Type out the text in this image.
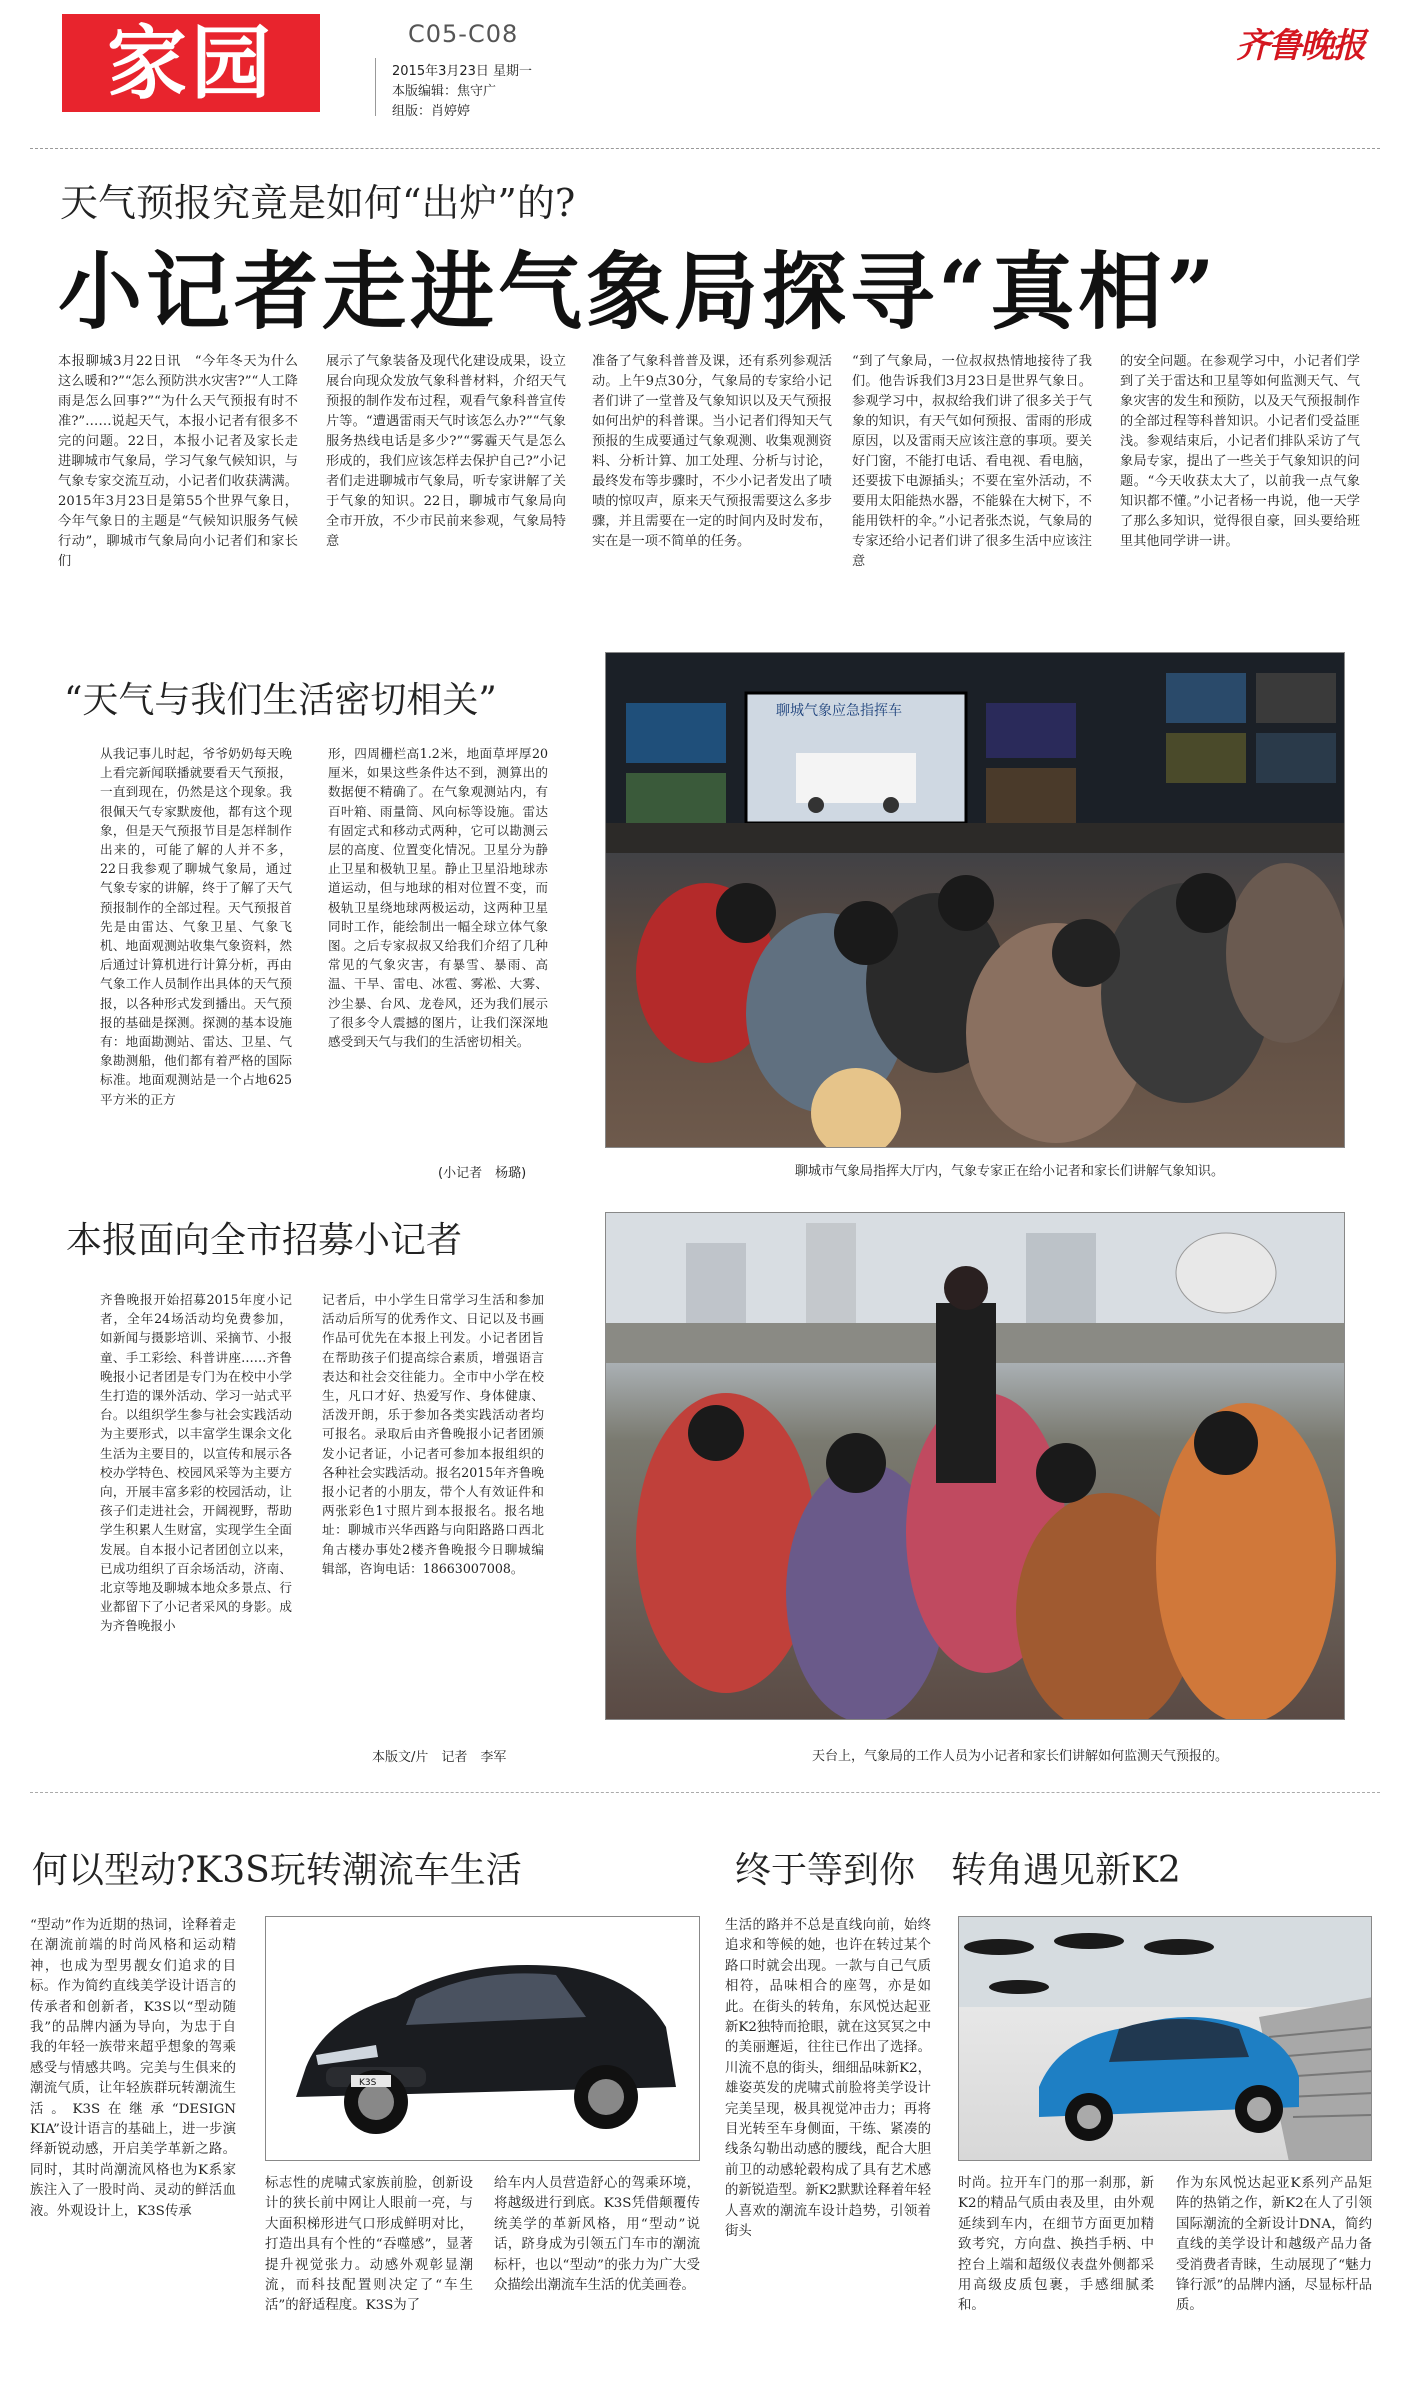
家园	C05-C08
2015年3月23日 星期一
本版编辑：焦守广
组版：肖婷婷
齐鲁晚报
天气预报究竟是如何“出炉”的?
小记者走进气象局探寻“真相”
本报聊城3月22日讯　“今年冬天为什么这么暖和?”“怎么预防洪水灾害?”“人工降雨是怎么回事?”“为什么天气预报有时不准?”……说起天气，本报小记者有很多不完的问题。22日，本报小记者及家长走进聊城市气象局，学习气象气候知识，与气象专家交流互动，小记者们收获满满。2015年3月23日是第55个世界气象日，今年气象日的主题是“气候知识服务气候行动”，聊城市气象局向小记者们和家长们
展示了气象装备及现代化建设成果，设立展台向现众发放气象科普材料，介绍天气预报的制作发布过程，观看气象科普宣传片等。“遭遇雷雨天气时该怎么办?”“气象服务热线电话是多少?”“雾霾天气是怎么形成的，我们应该怎样去保护自己?”小记者们走进聊城市气象局，听专家讲解了关于气象的知识。22日，聊城市气象局向全市开放，不少市民前来参观，气象局特意
准备了气象科普普及课，还有系列参观活动。上午9点30分，气象局的专家给小记者们讲了一堂普及气象知识以及天气预报如何出炉的科普课。当小记者们得知天气预报的生成要通过气象观测、收集观测资料、分析计算、加工处理、分析与讨论，最终发布等步骤时，不少小记者发出了啧啧的惊叹声，原来天气预报需要这么多步骤，并且需要在一定的时间内及时发布，实在是一项不简单的任务。
“到了气象局，一位叔叔热情地接待了我们。他告诉我们3月23日是世界气象日。参观学习中，叔叔给我们讲了很多关于气象的知识，有天气如何预报、雷雨的形成原因，以及雷雨天应该注意的事项。要关好门窗，不能打电话、看电视、看电脑，还要拔下电源插头；不要在室外活动，不要用太阳能热水器，不能躲在大树下，不能用铁杆的伞。”小记者张杰说，气象局的专家还给小记者们讲了很多生活中应该注意
的安全问题。在参观学习中，小记者们学到了关于雷达和卫星等如何监测天气、气象灾害的发生和预防，以及天气预报制作的全部过程等科普知识。小记者们受益匪浅。参观结束后，小记者们排队采访了气象局专家，提出了一些关于气象知识的问题。“今天收获太大了，以前我一点气象知识都不懂。”小记者杨一冉说，他一天学了那么多知识，觉得很自豪，回头要给班里其他同学讲一讲。
“天气与我们生活密切相关”
从我记事儿时起，爷爷奶奶每天晚上看完新闻联播就要看天气预报，一直到现在，仍然是这个现象。我很佩天气专家默废他，都有这个现象，但是天气预报节目是怎样制作出来的，可能了解的人并不多，22日我参观了聊城气象局，通过气象专家的讲解，终于了解了天气预报制作的全部过程。天气预报首先是由雷达、气象卫星、气象飞机、地面观测站收集气象资料，然后通过计算机进行计算分析，再由气象工作人员制作出具体的天气预报，以各种形式发到播出。天气预报的基础是探测。探测的基本设施有：地面勘测站、雷达、卫星、气象勘测船，他们都有着严格的国际标准。地面观测站是一个占地625平方米的正方
形，四周栅栏高1.2米，地面草坪厚20厘米，如果这些条件达不到，测算出的数据便不精确了。在气象观测站内，有百叶箱、雨量筒、风向标等设施。雷达有固定式和移动式两种，它可以勘测云层的高度、位置变化情况。卫星分为静止卫星和极轨卫星。静止卫星沿地球赤道运动，但与地球的相对位置不变，而极轨卫星绕地球两极运动，这两种卫星同时工作，能绘制出一幅全球立体气象图。之后专家叔叔又给我们介绍了几种常见的气象灾害，有暴雪、暴雨、高温、干旱、雷电、冰雹、雾凇、大雾、沙尘暴、台风、龙卷风，还为我们展示了很多令人震撼的图片，让我们深深地感受到天气与我们的生活密切相关。
(小记者　杨璐)
聊城气象应急指挥车
聊城市气象局指挥大厅内，气象专家正在给小记者和家长们讲解气象知识。
本报面向全市招募小记者
齐鲁晚报开始招募2015年度小记者，全年24场活动均免费参加，如新闻与摄影培训、采摘节、小报童、手工彩绘、科普讲座……齐鲁晚报小记者团是专门为在校中小学生打造的课外活动、学习一站式平台。以组织学生参与社会实践活动为主要形式，以丰富学生课余文化生活为主要目的，以宣传和展示各校办学特色、校园风采等为主要方向，开展丰富多彩的校园活动，让孩子们走进社会，开阔视野，帮助学生积累人生财富，实现学生全面发展。自本报小记者团创立以来，已成功组织了百余场活动，济南、北京等地及聊城本地众多景点、行业都留下了小记者采风的身影。成为齐鲁晚报小
记者后，中小学生日常学习生活和参加活动后所写的优秀作文、日记以及书画作品可优先在本报上刊发。小记者团旨在帮助孩子们提高综合素质，增强语言表达和社会交往能力。全市中小学在校生，凡口才好、热爱写作、身体健康、活泼开朗，乐于参加各类实践活动者均可报名。录取后由齐鲁晚报小记者团颁发小记者证，小记者可参加本报组织的各种社会实践活动。报名2015年齐鲁晚报小记者的小朋友，带个人有效证件和两张彩色1寸照片到本报报名。报名地址：聊城市兴华西路与向阳路路口西北角古楼办事处2楼齐鲁晚报今日聊城编辑部，咨询电话：18663007008。
本版文/片　记者　李军	天台上，气象局的工作人员为小记者和家长们讲解如何监测天气预报的。
何以型动?K3S玩转潮流车生活
“型动”作为近期的热词，诠释着走在潮流前端的时尚风格和运动精神，也成为型男靓女们追求的目标。作为简约直线美学设计语言的传承者和创新者，K3S以“型动随我”的品牌内涵为导向，为忠于自我的年轻一族带来超乎想象的驾乘感受与情感共鸣。完美与生俱来的潮流气质，让年轻族群玩转潮流生活。K3S在继承“DESIGN KIA”设计语言的基础上，进一步演绎新锐动感，开启美学革新之路。同时，其时尚潮流风格也为K系家族注入了一股时尚、灵动的鲜活血液。外观设计上，K3S传承
K3S
标志性的虎啸式家族前脸，创新设计的狭长前中网让人眼前一亮，与大面积梯形进气口形成鲜明对比，打造出具有个性的“吞噬感”，显著提升视觉张力。动感外观彰显潮流，而科技配置则决定了“车生活”的舒适程度。K3S为了
给车内人员营造舒心的驾乘环境，将越级进行到底。K3S凭借颠覆传统美学的革新风格，用“型动”说话，跻身成为引领五门车市的潮流标杆，也以“型动”的张力为广大受众描绘出潮流车生活的优美画卷。
终于等到你　转角遇见新K2
生活的路并不总是直线向前，始终追求和等候的她，也许在转过某个路口时就会出现。一款与自己气质相符，品味相合的座驾，亦是如此。在街头的转角，东风悦达起亚新K2独特而抢眼，就在这冥冥之中的美丽邂逅，往往已作出了选择。川流不息的街头，细细品味新K2，雄姿英发的虎啸式前脸将美学设计完美呈现，极具视觉冲击力；再将目光转至车身侧面，干练、紧凑的线条勾勒出动感的腰线，配合大胆前卫的动感轮毂构成了具有艺术感的新锐造型。新K2默默诠释着年轻人喜欢的潮流车设计趋势，引领着街头
时尚。拉开车门的那一刹那，新K2的精品气质由表及里，由外观延续到车内，在细节方面更加精致考究，方向盘、换挡手柄、中控台上端和超级仪表盘外侧都采用高级皮质包裹，手感细腻柔和。
作为东风悦达起亚K系列产品矩阵的热销之作，新K2在人了引领国际潮流的全新设计DNA，简约直线的美学设计和越级产品力备受消费者青睐，生动展现了“魅力锋行派”的品牌内涵，尽显标杆品质。
